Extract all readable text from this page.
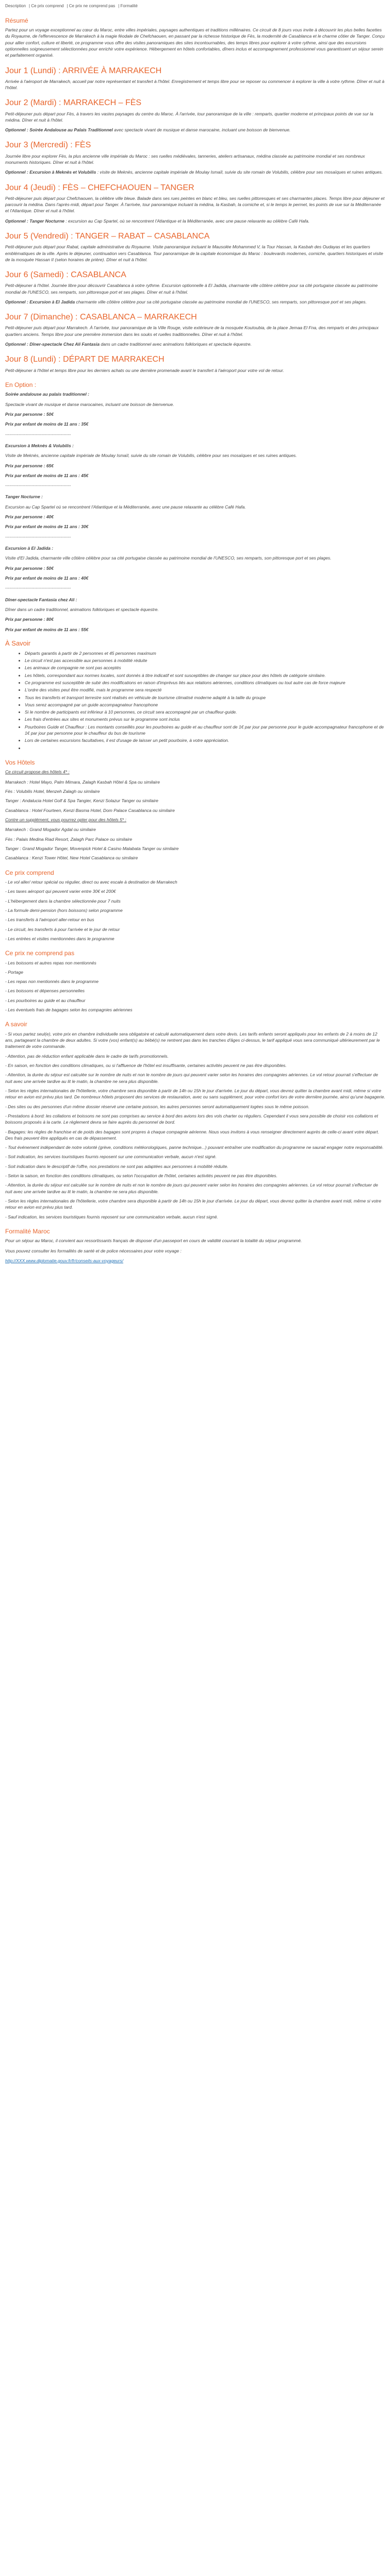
Description | Ce prix comprend | Ce prix ne comprend pas | Formalité
Résumé

Partez pour un voyage exceptionnel au cœur du Maroc, entre villes impériales, paysages authentiques et traditions millénaires. Ce circuit de 8 jours vous invite à découvrir les plus belles facettes du Royaume, de l'effervescence de Marrakech à la magie féodale de Chefchaouen, en passant par la richesse historique de Fès, la modernité de Casablanca et le charme côtier de Tanger. Conçu pour allier confort, culture et liberté, ce programme vous offre des visites panoramiques des sites incontournables, des temps libres pour explorer à votre rythme, ainsi que des excursions optionnelles soigneusement sélectionnées pour enrichir votre expérience. Hébergement en hôtels confortables, dîners inclus et accompagnement professionnel vous garantissent un séjour serein et parfaitement organisé.

Jour 1 (Lundi) : ARRIVÉE À MARRAKECH

Arrivée à l'aéroport de Marrakech, accueil par notre représentant et transfert à l'hôtel. Enregistrement et temps libre pour se reposer ou commencer à explorer la ville à votre rythme. Dîner et nuit à l'hôtel.

Jour 2 (Mardi) : MARRAKECH – FÈS

Petit-déjeuner puis départ pour Fès, à travers les vastes paysages du centre du Maroc. À l'arrivée, tour panoramique de la ville : remparts, quartier moderne et principaux points de vue sur la médina. Dîner et nuit à l'hôtel.

Optionnel : Soirée Andalouse au Palais Traditionnel avec spectacle vivant de musique et danse marocaine, incluant une boisson de bienvenue.

Jour 3 (Mercredi) : FÈS

Journée libre pour explorer Fès, la plus ancienne ville impériale du Maroc : ses ruelles médiévales, tanneries, ateliers artisanaux, médina classée au patrimoine mondial et ses nombreux monuments historiques. Dîner et nuit à l'hôtel.

Optionnel : Excursion à Meknès et Volubilis : visite de Meknès, ancienne capitale impériale de Moulay Ismaïl, suivie du site romain de Volubilis, célèbre pour ses mosaïques et ruines antiques.

Jour 4 (Jeudi) : FÈS – CHEFCHAOUEN – TANGER

Petit-déjeuner puis départ pour Chefchaouen, la célèbre ville bleue. Balade dans ses rues peintes en blanc et bleu, ses ruelles pittoresques et ses charmantes places. Temps libre pour déjeuner et parcourir la médina. Dans l'après-midi, départ pour Tanger. À l'arrivée, tour panoramique incluant la médina, la Kasbah, la corniche et, si le temps le permet, les points de vue sur la Méditerranée et l'Atlantique. Dîner et nuit à l'hôtel.

Optionnel : Tanger Nocturne : excursion au Cap Spartel, où se rencontrent l'Atlantique et la Méditerranée, avec une pause relaxante au célèbre Café Hafa.

Jour 5 (Vendredi) : TANGER – RABAT – CASABLANCA

Petit-déjeuner puis départ pour Rabat, capitale administrative du Royaume. Visite panoramique incluant le Mausolée Mohammed V, la Tour Hassan, la Kasbah des Oudayas et les quartiers emblématiques de la ville. Après le déjeuner, continuation vers Casablanca. Tour panoramique de la capitale économique du Maroc : boulevards modernes, corniche, quartiers historiques et visite de la mosquée Hassan II (selon horaires de prière). Dîner et nuit à l'hôtel.

Jour 6 (Samedi) : CASABLANCA

Petit-déjeuner à l'hôtel. Journée libre pour découvrir Casablanca à votre rythme. Excursion optionnelle à El Jadida, charmante ville côtière célèbre pour sa cité portugaise classée au patrimoine mondial de l'UNESCO, ses remparts, son pittoresque port et ses plages. Dîner et nuit à l'hôtel.

Optionnel : Excursion à El Jadida charmante ville côtière célèbre pour sa cité portugaise classée au patrimoine mondial de l'UNESCO, ses remparts, son pittoresque port et ses plages.

Jour 7 (Dimanche) : CASABLANCA – MARRAKECH

Petit-déjeuner puis départ pour Marrakech. À l'arrivée, tour panoramique de la Ville Rouge, visite extérieure de la mosquée Koutoubia, de la place Jemaa El Fna, des remparts et des principaux quartiers anciens. Temps libre pour une première immersion dans les souks et ruelles traditionnelles. Dîner et nuit à l'hôtel.

Optionnel : Dîner-spectacle Chez Ali Fantasia dans un cadre traditionnel avec animations folkloriques et spectacle équestre.

Jour 8 (Lundi) : DÉPART DE MARRAKECH

Petit-déjeuner à l'hôtel et temps libre pour les derniers achats ou une dernière promenade avant le transfert à l'aéroport pour votre vol de retour.

En Option :

Soirée andalouse au palais traditionnel :

Spectacle vivant de musique et danse marocaines, incluant une boisson de bienvenue.

Prix par personne : 50€

Prix par enfant de moins de 11 ans : 35€

---------------------------------------------

Excursion à Meknès & Volubilis :

Visite de Meknès, ancienne capitale impériale de Moulay Ismaïl, suivie du site romain de Volubilis, célèbre pour ses mosaïques et ses ruines antiques.

Prix par personne : 65€

Prix par enfant de moins de 11 ans : 45€

---------------------------------------------

Tanger Nocturne :

Excursion au Cap Spartel où se rencontrent l'Atlantique et la Méditerranée, avec une pause relaxante au célèbre Café Hafa.

Prix par personne : 40€

Prix par enfant de moins de 11 ans : 30€

---------------------------------------------

Excursion à El Jadida :

Visite d'El Jadida, charmante ville côtière célèbre pour sa cité portugaise classée au patrimoine mondial de l'UNESCO, ses remparts, son pittoresque port et ses plages.

Prix par personne : 50€

Prix par enfant de moins de 11 ans : 40€

---------------------------------------------

Dîner-spectacle Fantasia chez Ali :

Dîner dans un cadre traditionnel, animations folkloriques et spectacle équestre.

Prix par personne : 80€

Prix par enfant de moins de 11 ans : 55€

À Savoir
• Départs garantis à partir de 2 personnes et 45 personnes maximum
• Le circuit n'est pas accessible aux personnes à mobilité réduite
• Les animaux de compagnie ne sont pas acceptés
• Les hôtels, correspondant aux normes locales, sont donnés à titre indicatif et sont susceptibles de changer sur place pour des hôtels de catégorie similaire.
• Ce programme est susceptible de subir des modifications en raison d'imprévus liés aux relations aériennes, conditions climatiques ou tout autre cas de force majeure
• L'ordre des visites peut être modifié, mais le programme sera respecté
• Tous les transferts et transport terrestre sont réalisés en véhicule de tourisme climatisé moderne adapté à la taille du groupe
• Vous serez accompagné par un guide accompagnateur francophone
• Si le nombre de participants est inférieur à 10 personnes, ce circuit sera accompagné par un chauffeur-guide.
• Les frais d'entrées aux sites et monuments prévus sur le programme sont inclus
• Pourboires Guide et Chauffeur : Les montants conseillés pour les pourboires au guide et au chauffeur sont de 1€ par jour par personne pour le guide accompagnateur francophone et de 1€ par jour par personne pour le chauffeur du bus de tourisme
• Lors de certaines excursions facultatives, il est d'usage de laisser un petit pourboire, à votre appréciation.
•
Vos Hôtels

Ce circuit propose des hôtels 4* :

Marrakech : Hotel Mayo, Palm Mimara, Zalagh Kasbah Hôtel & Spa ou similaire

Fès : Volubilis Hotel, Menzeh Zalagh ou similaire

Tanger : Andalucia Hotel Golf & Spa Tangier, Kenzi Solazur Tanger ou similaire

Casablanca : Hotel Fourteen, Kenzi Basma Hotel, Dom Palace Casablanca ou similaire

Contre un supplément, vous pourrez opter pour des hôtels 5* :

Marrakech : Grand Mogador Agdal ou similaire

Fès : Palais Medina Riad Resort, Zalagh Parc Palace ou similaire

Tanger : Grand Mogador Tanger, Movenpick Hotel & Casino Malabata Tanger ou similaire

Casablanca : Kenzi Tower Hôtel, New Hotel Casablanca ou similaire

Ce prix comprend

- Le vol aller/ retour spécial ou régulier, direct ou avec escale à destination de Marrakech

- Les taxes aéroport qui peuvent varier entre 30€ et 200€

- L'hébergement dans la chambre sélectionnée pour 7 nuits

- La formule demi-pension (hors boissons) selon programme

- Les transferts à l'aéroport aller-retour en bus

- Le circuit, les transferts à pour l'arrivée et le jour de retour

- Les entrées et visites mentionnées dans le programme

Ce prix ne comprend pas

- Les boissons et autres repas non mentionnés

- Portage

- Les repas non mentionnés dans le programme

- Les boissons et dépenses personnelles

- Les pourboires au guide et au chauffeur

- Les éventuels frais de bagages selon les compagnies aériennes

A savoir

- Si vous partez seul(e), votre prix en chambre individuelle sera obligatoire et calculé automatiquement dans votre devis. Les tarifs enfants seront appliqués pour les enfants de 2 à moins de 12 ans, partageant la chambre de deux adultes. Si votre (vos) enfant(s) au bébé(s) ne rentrent pas dans les tranches d'âges ci-dessus, le tarif appliqué vous sera communiqué ultérieurement par le traitement de votre commande.

- Attention, pas de réduction enfant applicable dans le cadre de tarifs promotionnels.

- En saison, en fonction des conditions climatiques, ou si l'affluence de l'hôtel est insuffisante, certaines activités peuvent ne pas être disponibles.

- Attention, la durée du séjour est calculée sur le nombre de nuits et non le nombre de jours qui peuvent varier selon les horaires des compagnies aériennes. Le vol retour pourrait s'effectuer de nuit avec une arrivée tardive au lit le matin, la chambre ne sera plus disponible.

- Selon les règles internationales de l'hôtellerie, votre chambre sera disponible à partir de 14h ou 15h le jour d'arrivée. Le jour du départ, vous devrez quitter la chambre avant midi, même si votre retour en avion est prévu plus tard. De nombreux hôtels proposent des services de restauration, avec ou sans supplément, pour votre confort lors de votre dernière journée, ainsi qu'une bagagerie.

- Des sites ou des personnes d'un même dossier réservé une certaine poisson, les autres personnes seront automatiquement logées sous le même poisson.

- Prestations à bord: les collations et boissons ne sont pas comprises au service à bord des avions lors des vols charter ou réguliers. Cependant il vous sera possible de choisir vos collations et boissons proposés à la carte. Le règlement devra se faire auprès du personnel de bord.

- Bagages: les règles de franchise et de poids des bagages sont propres à chaque compagnie aérienne. Nous vous invitons à vous renseigner directement auprès de celle-ci avant votre départ. Des frais peuvent être appliqués en cas de dépassement.

- Tout événement indépendant de notre volonté (grève, conditions météorologiques, panne technique...) pouvant entraîner une modification du programme ne saurait engager notre responsabilité.

- Soit indication, les services touristiques fournis reposent sur une communication verbale, aucun n'est signé.

- Soit indication dans le descriptif de l'offre, nos prestations ne sont pas adaptées aux personnes à mobilité réduite.

- Selon la saison, en fonction des conditions climatiques, ou selon l'occupation de l'hôtel, certaines activités peuvent ne pas être disponibles.

- Attention, la durée du séjour est calculée sur le nombre de nuits et non le nombre de jours qui peuvent varier selon les horaires des compagnies aériennes. Le vol retour pourrait s'effectuer de nuit avec une arrivée tardive au lit le matin, la chambre ne sera plus disponible.

- Selon les règles internationales de l'hôtellerie, votre chambre sera disponible à partir de 14h ou 15h le jour d'arrivée. Le jour du départ, vous devrez quitter la chambre avant midi, même si votre retour en avion est prévu plus tard.

- Sauf indication, les services touristiques fournis reposent sur une communication verbale, aucun n'est signé.

Formalité Maroc

Pour un séjour au Maroc, il convient aux ressortissants français de disposer d'un passeport en cours de validité couvrant la totalité du séjour programmé.

Vous pouvez consulter les formalités de santé et de police nécessaires pour votre voyage :

http://XXX.www.diplomatie.gouv.fr/fr/conseils-aux-voyageurs/
